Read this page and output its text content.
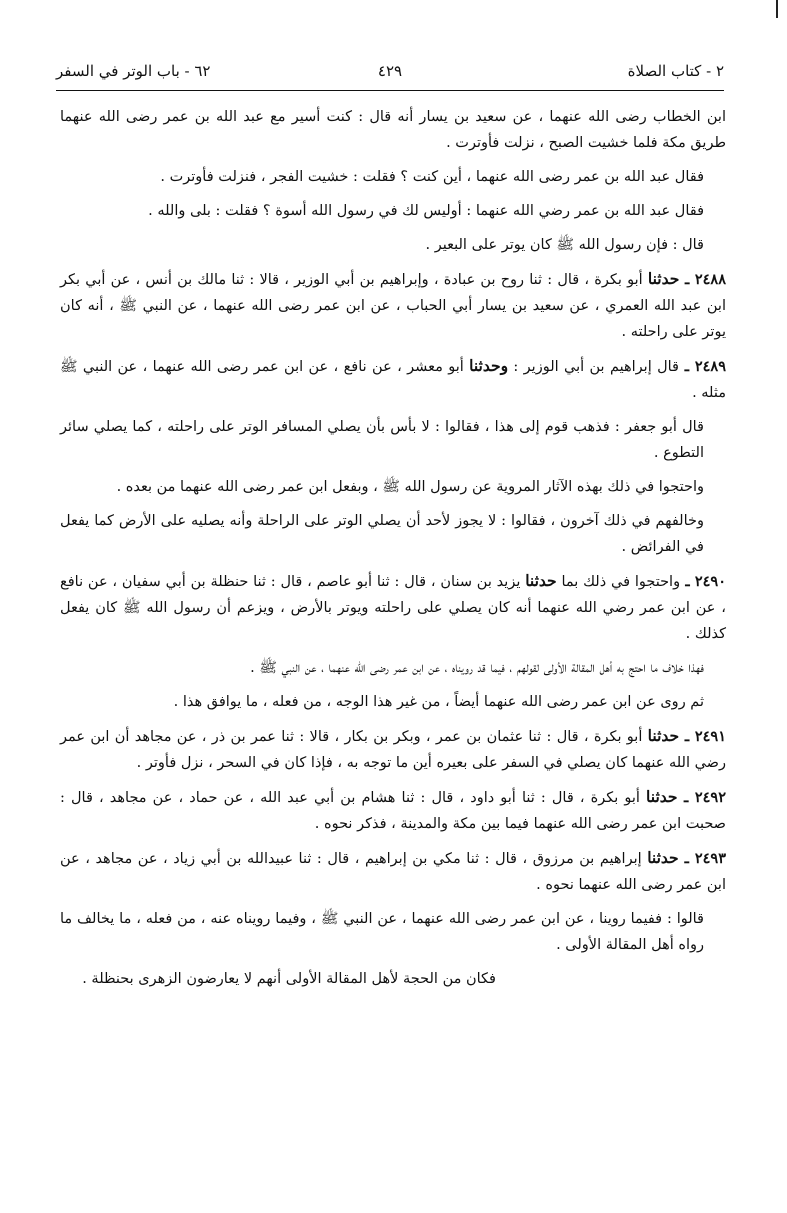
٢ - كتاب الصلاة
٤٢٩
٦٢ - باب الوتر في السفر

ابن الخطاب رضى الله عنهما ، عن سعيد بن يسار أنه قال : كنت أسير مع عبد الله بن عمر رضى الله عنهما طريق مكة فلما خشيت الصبح ، نزلت فأوترت .

فقال عبد الله بن عمر رضى الله عنهما ، أين كنت ؟ فقلت : خشيت الفجر ، فنزلت فأوترت .

فقال عبد الله بن عمر رضي الله عنهما : أوليس لك في رسول الله أسوة ؟ فقلت : بلى والله .

قال : فإن رسول الله ﷺ كان يوتر على البعير .

٢٤٨٨ ـ حدثنا أبو بكرة ، قال : ثنا روح بن عبادة ، وإبراهيم بن أبي الوزير ، قالا : ثنا مالك بن أنس ، عن أبي بكر ابن عبد الله العمري ، عن سعيد بن يسار أبي الحباب ، عن ابن عمر رضى الله عنهما ، عن النبي ﷺ ، أنه كان يوتر على راحلته .

٢٤٨٩ ـ قال إبراهيم بن أبي الوزير : وحدثنا أبو معشر ، عن نافع ، عن ابن عمر رضى الله عنهما ، عن النبي ﷺ مثله .

قال أبو جعفر : فذهب قوم إلى هذا ، فقالوا : لا بأس بأن يصلي المسافر الوتر على راحلته ، كما يصلي سائر التطوع .

واحتجوا في ذلك بهذه الآثار المروية عن رسول الله ﷺ ، وبفعل ابن عمر رضى الله عنهما من بعده .

وخالفهم في ذلك آخرون ، فقالوا : لا يجوز لأحد أن يصلي الوتر على الراحلة وأنه يصليه على الأرض كما يفعل في الفرائض .

٢٤٩٠ ـ واحتجوا في ذلك بما حدثنا يزيد بن سنان ، قال : ثنا أبو عاصم ، قال : ثنا حنظلة بن أبي سفيان ، عن نافع ، عن ابن عمر رضي الله عنهما أنه كان يصلي على راحلته ويوتر بالأرض ، ويزعم أن رسول الله ﷺ كان يفعل كذلك .

فهذا خلاف ما احتج به أهل المقالة الأولى لقولهم ، فيما قد رويناه ، عن ابن عمر رضى الله عنهما ، عن النبي ﷺ .

ثم روى عن ابن عمر رضى الله عنهما أيضاً ، من غير هذا الوجه ، من فعله ، ما يوافق هذا .

٢٤٩١ ـ حدثنا أبو بكرة ، قال : ثنا عثمان بن عمر ، وبكر بن بكار ، قالا : ثنا عمر بن ذر ، عن مجاهد أن ابن عمر رضي الله عنهما كان يصلي في السفر على بعيره أين ما توجه به ، فإذا كان في السحر ، نزل فأوتر .

٢٤٩٢ ـ حدثنا أبو بكرة ، قال : ثنا أبو داود ، قال : ثنا هشام بن أبي عبد الله ، عن حماد ، عن مجاهد ، قال : صحبت ابن عمر رضى الله عنهما فيما بين مكة والمدينة ، فذكر نحوه .

٢٤٩٣ ـ حدثنا إبراهيم بن مرزوق ، قال : ثنا مكي بن إبراهيم ، قال : ثنا عبيدالله بن أبي زياد ، عن مجاهد ، عن ابن عمر رضى الله عنهما نحوه .

قالوا : ففيما روينا ، عن ابن عمر رضى الله عنهما ، عن النبي ﷺ ، وفيما رويناه عنه ، من فعله ، ما يخالف ما رواه أهل المقالة الأولى .

فكان من الحجة لأهل المقالة الأولى أنهم لا يعارضون الزهرى بحنظلة .
